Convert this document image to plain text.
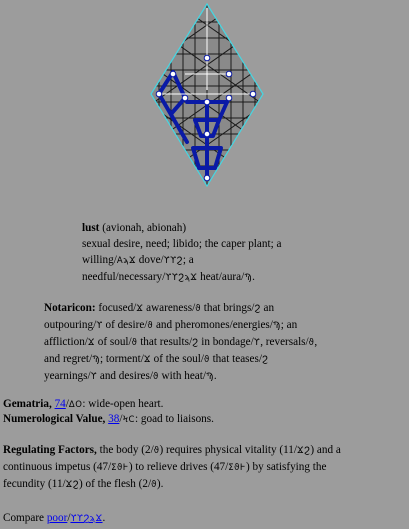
lust (avionah, abionah)
sexual desire, need; libido; the caper plant; a
willing/ΑϡϪ dove/ϒϒϨ; a
needful/necessary/ϒϒϨϡϪ heat/aura/Ϡ.
Notaricon: focused/Ϫ awareness/ϑ that brings/Ϩ an
outpouring/ϒ of desire/ϑ and pheromones/energies/Ϡ; an
affliction/Ϫ of soul/ϑ that results/Ϩ in bondage/ϒ, reversals/ϑ,
and regret/Ϡ; torment/Ϫ of the soul/ϑ that teases/Ϩ
yearnings/ϒ and desires/ϑ with heat/Ϡ.
Gematria, 74/ΔΟ: wide-open heart.
Numerological Value, 38/ϞϹ: goad to liaisons.
Regulating Factors, the body (2/ϑ) requires physical vitality (11/ϪϨ) and a
continuous impetus (47/ΣϑͰ) to relieve drives (47/ΣϑͰ) by satisfying the
fecundity (11/ϪϨ) of the flesh (2/ϑ).
Compare poor/ϒϒϨϡϪ.
